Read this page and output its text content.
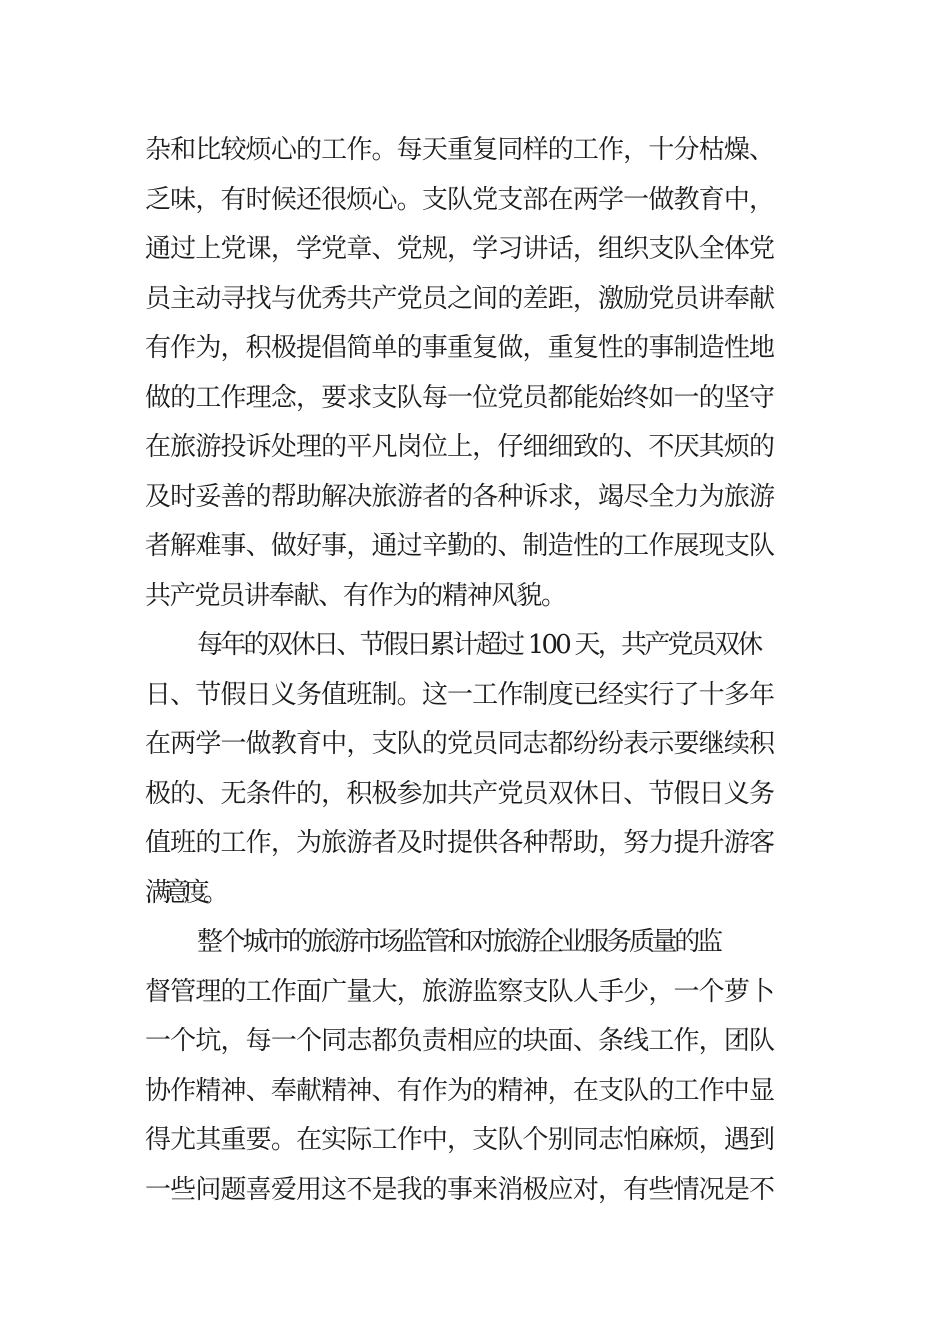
杂和比较烦心的工作。每天重复同样的工作，十分枯燥、
乏味，有时候还很烦心。支队党支部在两学一做教育中，
通过上党课，学党章、党规，学习讲话，组织支队全体党
员主动寻找与优秀共产党员之间的差距，激励党员讲奉献
有作为，积极提倡简单的事重复做，重复性的事制造性地
做的工作理念，要求支队每一位党员都能始终如一的坚守
在旅游投诉处理的平凡岗位上，仔细细致的、不厌其烦的
及时妥善的帮助解决旅游者的各种诉求，竭尽全力为旅游
者解难事、做好事，通过辛勤的、制造性的工作展现支队
共产党员讲奉献、有作为的精神风貌。
每年的双休日、节假日累计超过 100 天，共产党员双休
日、节假日义务值班制。这一工作制度已经实行了十多年
在两学一做教育中，支队的党员同志都纷纷表示要继续积
极的、无条件的，积极参加共产党员双休日、节假日义务
值班的工作，为旅游者及时提供各种帮助，努力提升游客
满意度。
整个城市的旅游市场监管和对旅游企业服务质量的监
督管理的工作面广量大，旅游监察支队人手少，一个萝卜
一个坑，每一个同志都负责相应的块面、条线工作，团队
协作精神、奉献精神、有作为的精神，在支队的工作中显
得尤其重要。在实际工作中，支队个别同志怕麻烦，遇到
一些问题喜爱用这不是我的事来消极应对，有些情况是不
